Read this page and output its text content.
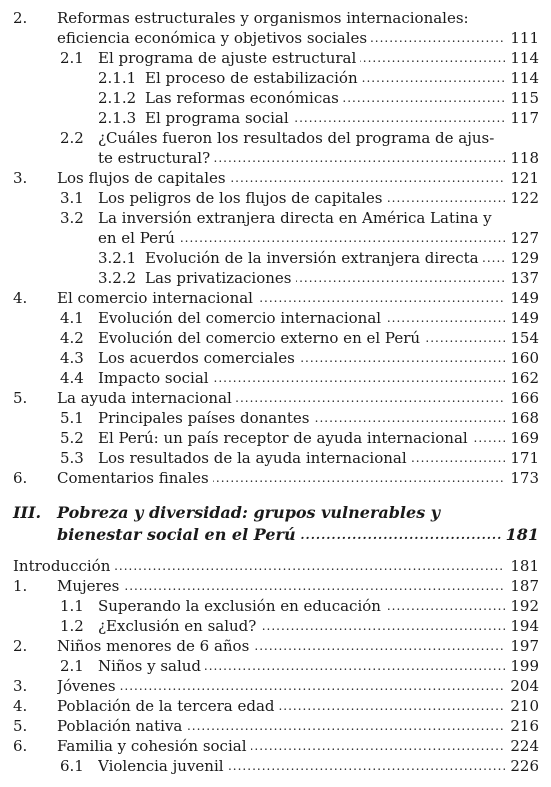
2. Reformas estructurales y organismos internacionales:
.....
eficiencia económica y objetivos sociales	111
2.1 ..... El programa de ajuste estructural	114
2.1.1 ..... El proceso de estabilización	114
2.1.2 ..... Las reformas económicas	115
2.1.3 ..... El programa social	117
2.2 ¿Cuáles fueron los resultados del programa de ajus-
.....
te estructural?	118
3. ..... Los flujos de capitales	121
3.1 ..... Los peligros de los flujos de capitales	122
3.2 La inversión extranjera directa en América Latina y
.....
en el Perú	127
3.2.1 ..... Evolución de la inversión extranjera directa 129
3.2.2 ..... Las privatizaciones	137
4. ..... El comercio internacional	149
4.1 ..... Evolución del comercio internacional	149
4.2 ..... Evolución del comercio externo en el Perú	154
4.3 ..... Los acuerdos comerciales	160
4.4 ..... Impacto social	162
5. ..... La ayuda internacional	166
5.1 ..... Principales países donantes	168
5.2 ..... El Perú: un país receptor de ayuda internacional	169
5.3 ..... Los resultados de la ayuda internacional	171
6. ..... Comentarios finales	173
III. Pobreza y diversidad: grupos vulnerables y
.....
bienestar social en el Perú	181
.....
Introducción	181
1. ..... Mujeres	187
1.1 ..... Superando la exclusión en educación	192
1.2 ..... ¿Exclusión en salud?	194
2. ..... Niños menores de 6 años	197
2.1 ..... Niños y salud	199
3. ..... Jóvenes	204
4. ..... Población de la tercera edad	210
5. ..... Población nativa	216
6. ..... Familia y cohesión social	224
6.1 ..... Violencia juvenil	226
